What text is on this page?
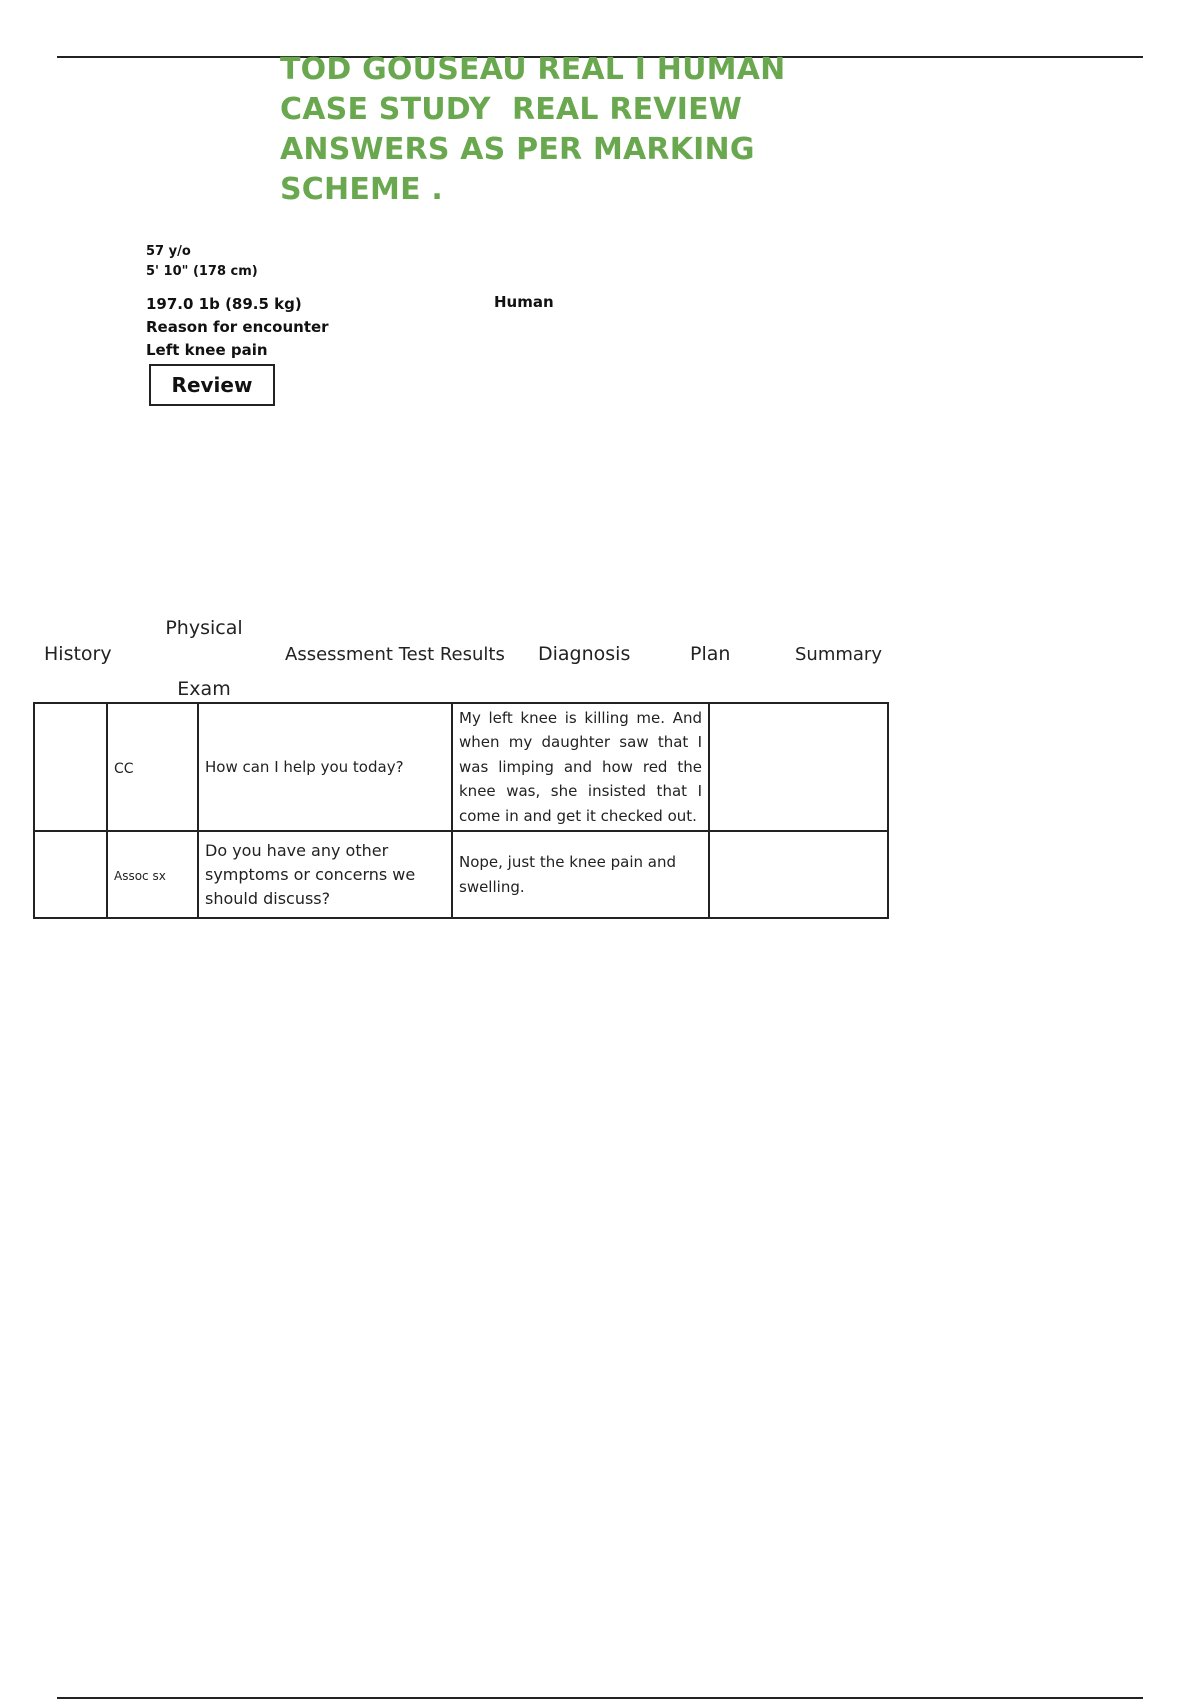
TOD GOUSEAU REAL I HUMAN
CASE STUDY  REAL REVIEW
ANSWERS AS PER MARKING
SCHEME .
57 y/o
5' 10" (178 cm)
197.0 1b (89.5 kg)
Reason for encounter
Left knee pain
Human
Review
History
Physical
Exam
Assessment Test Results Diagnosis	Plan	Summary
	CC	How can I help you today?	My left knee is killing me. And when my daughter saw that I was limping and how red the knee was, she insisted that I come in and get it checked out.	

	Assoc sx	Do you have any other symptoms or concerns we should discuss?	Nope, just the knee pain and swelling.	
